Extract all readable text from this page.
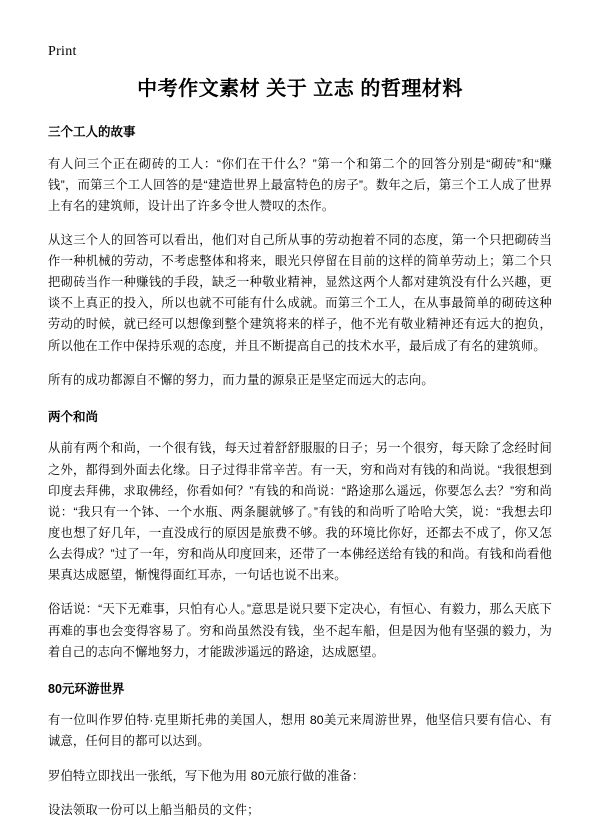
Print
中考作文素材 关于 立志 的哲理材料
三个工人的故事

有人问三个正在砌砖的工人：“你们在干什么？”第一个和第二个的回答分别是“砌砖”和“赚钱”，而第三个工人回答的是“建造世界上最富特色的房子”。数年之后，第三个工人成了世界上有名的建筑师，设计出了许多令世人赞叹的杰作。

从这三个人的回答可以看出，他们对自己所从事的劳动抱着不同的态度，第一个只把砌砖当作一种机械的劳动，不考虑整体和将来，眼光只停留在目前的这样的简单劳动上；第二个只把砌砖当作一种赚钱的手段，缺乏一种敬业精神，显然这两个人都对建筑没有什么兴趣，更谈不上真正的投入，所以也就不可能有什么成就。而第三个工人，在从事最简单的砌砖这种劳动的时候，就已经可以想像到整个建筑将来的样子，他不光有敬业精神还有远大的抱负，所以他在工作中保持乐观的态度，并且不断提高自己的技术水平，最后成了有名的建筑师。

所有的成功都源自不懈的努力，而力量的源泉正是坚定而远大的志向。

两个和尚

从前有两个和尚，一个很有钱，每天过着舒舒服服的日子；另一个很穷，每天除了念经时间之外，都得到外面去化缘。日子过得非常辛苦。有一天，穷和尚对有钱的和尚说。“我很想到印度去拜佛，求取佛经，你看如何？”有钱的和尚说：“路途那么遥远，你要怎么去？”穷和尚说：“我只有一个钵、一个水瓶、两条腿就够了。”有钱的和尚听了哈哈大笑，说：“我想去印度也想了好几年，一直没成行的原因是旅费不够。我的环境比你好，还都去不成了，你又怎么去得成？”过了一年，穷和尚从印度回来，还带了一本佛经送给有钱的和尚。有钱和尚看他果真达成愿望，惭愧得面红耳赤，一句话也说不出来。

俗话说：“天下无难事，只怕有心人。”意思是说只要下定决心，有恒心、有毅力，那么天底下再难的事也会变得容易了。穷和尚虽然没有钱，坐不起车船，但是因为他有坚强的毅力，为着自己的志向不懈地努力，才能跋涉遥远的路途，达成愿望。

80元环游世界

有一位叫作罗伯特·克里斯托弗的美国人，想用 80美元来周游世界，他坚信只要有信心、有诚意，任何目的都可以达到。

罗伯特立即找出一张纸，写下他为用 80元旅行做的准备：

设法领取一份可以上船当船员的文件；
